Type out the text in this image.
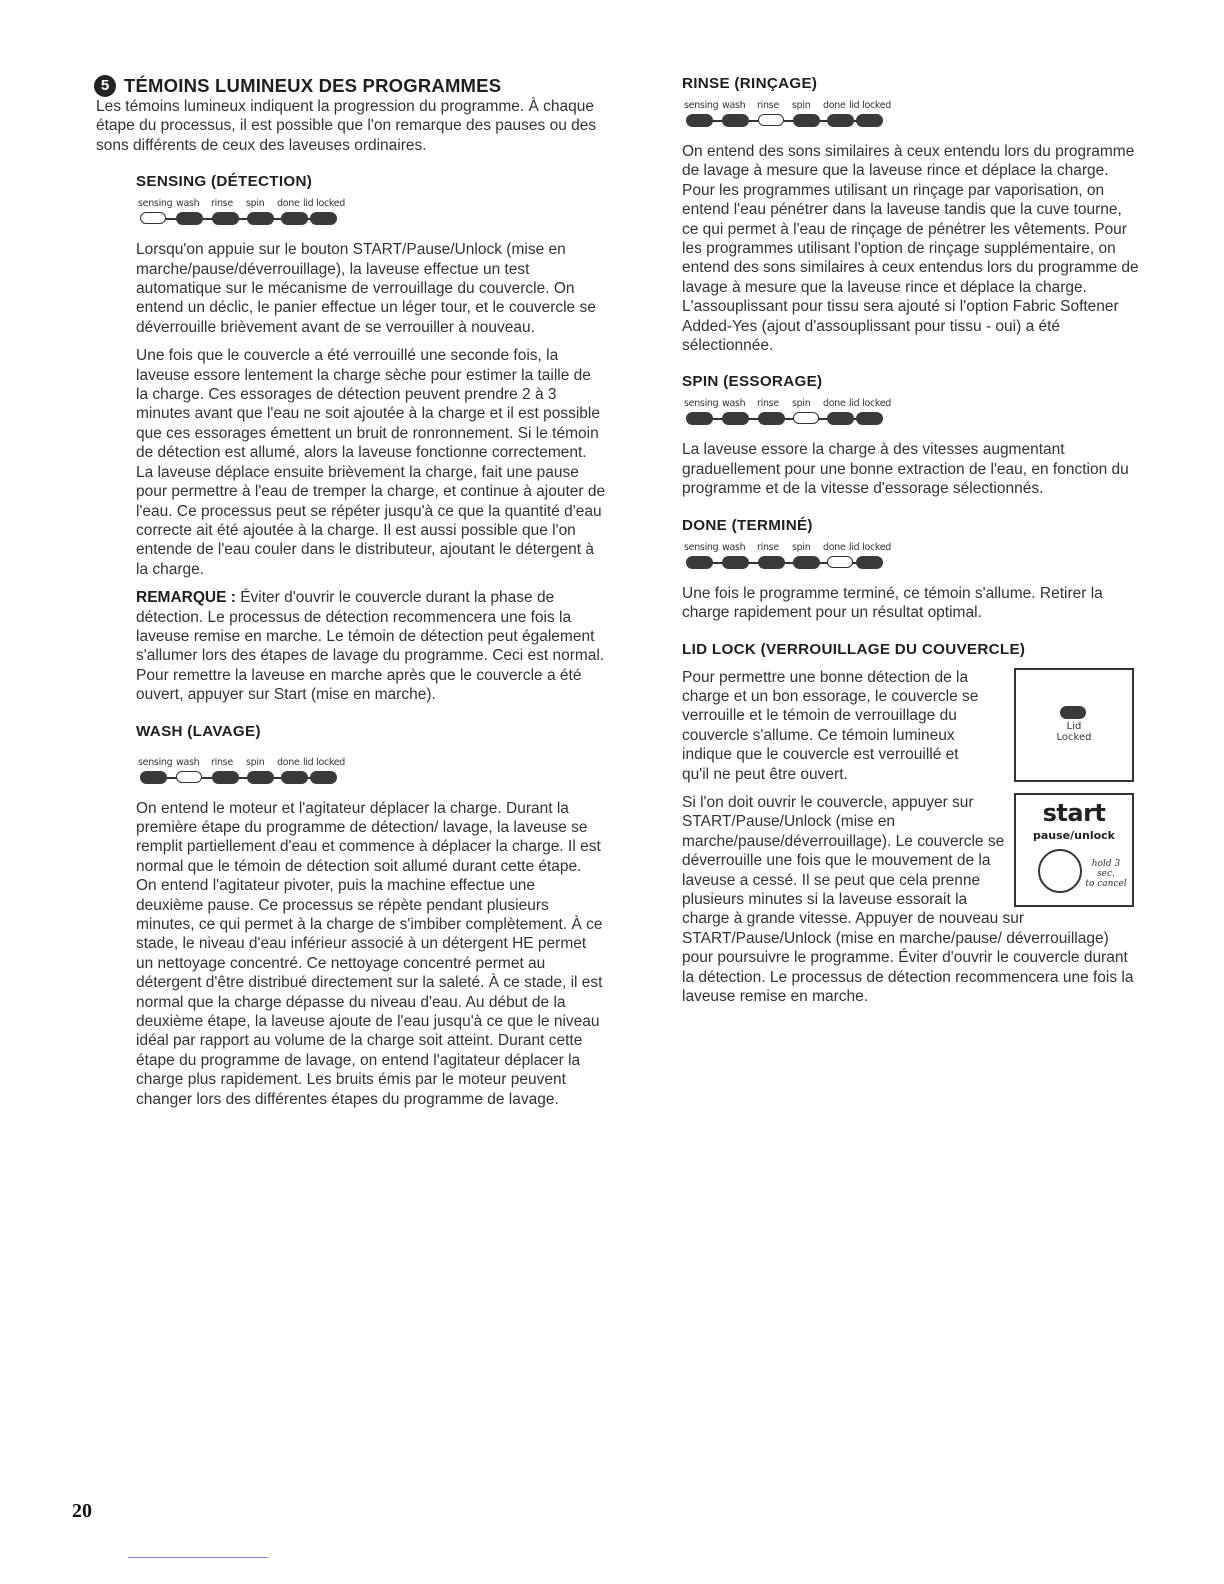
5 TÉMOINS LUMINEUX DES PROGRAMMES

Les témoins lumineux indiquent la progression du programme. À chaque étape du processus, il est possible que l'on remarque des pauses ou des sons différents de ceux des laveuses ordinaires.

SENSING (DÉTECTION)
sensing wash rinse spin done lid locked

Lorsqu'on appuie sur le bouton START/Pause/Unlock (mise en marche/pause/déverrouillage), la laveuse effectue un test automatique sur le mécanisme de verrouillage du couvercle. On entend un déclic, le panier effectue un léger tour, et le couvercle se déverrouille brièvement avant de se verrouiller à nouveau.

Une fois que le couvercle a été verrouillé une seconde fois, la laveuse essore lentement la charge sèche pour estimer la taille de la charge. Ces essorages de détection peuvent prendre 2 à 3 minutes avant que l'eau ne soit ajoutée à la charge et il est possible que ces essorages émettent un bruit de ronronnement. Si le témoin de détection est allumé, alors la laveuse fonctionne correctement. La laveuse déplace ensuite brièvement la charge, fait une pause pour permettre à l'eau de tremper la charge, et continue à ajouter de l'eau. Ce processus peut se répéter jusqu'à ce que la quantité d'eau correcte ait été ajoutée à la charge. Il est aussi possible que l'on entende de l'eau couler dans le distributeur, ajoutant le détergent à la charge.

REMARQUE : Éviter d'ouvrir le couvercle durant la phase de détection. Le processus de détection recommencera une fois la laveuse remise en marche. Le témoin de détection peut également s'allumer lors des étapes de lavage du programme. Ceci est normal. Pour remettre la laveuse en marche après que le couvercle a été ouvert, appuyer sur Start (mise en marche).

WASH (LAVAGE)
sensing wash rinse spin done lid locked

On entend le moteur et l'agitateur déplacer la charge. Durant la première étape du programme de détection/ lavage, la laveuse se remplit partiellement d'eau et commence à déplacer la charge. Il est normal que le témoin de détection soit allumé durant cette étape. On entend l'agitateur pivoter, puis la machine effectue une deuxième pause. Ce processus se répète pendant plusieurs minutes, ce qui permet à la charge de s'imbiber complètement. À ce stade, le niveau d'eau inférieur associé à un détergent HE permet un nettoyage concentré. Ce nettoyage concentré permet au détergent d'être distribué directement sur la saleté. À ce stade, il est normal que la charge dépasse du niveau d'eau. Au début de la deuxième étape, la laveuse ajoute de l'eau jusqu'à ce que le niveau idéal par rapport au volume de la charge soit atteint. Durant cette étape du programme de lavage, on entend l'agitateur déplacer la charge plus rapidement. Les bruits émis par le moteur peuvent changer lors des différentes étapes du programme de lavage.

RINSE (RINÇAGE)
sensing wash rinse spin done lid locked

On entend des sons similaires à ceux entendu lors du programme de lavage à mesure que la laveuse rince et déplace la charge. Pour les programmes utilisant un rinçage par vaporisation, on entend l'eau pénétrer dans la laveuse tandis que la cuve tourne, ce qui permet à l'eau de rinçage de pénétrer les vêtements. Pour les programmes utilisant l'option de rinçage supplémentaire, on entend des sons similaires à ceux entendus lors du programme de lavage à mesure que la laveuse rince et déplace la charge. L'assouplissant pour tissu sera ajouté si l'option Fabric Softener Added-Yes (ajout d'assouplissant pour tissu - oui) a été sélectionnée.

SPIN (ESSORAGE)
sensing wash rinse spin done lid locked

La laveuse essore la charge à des vitesses augmentant graduellement pour une bonne extraction de l'eau, en fonction du programme et de la vitesse d'essorage sélectionnés.

DONE (TERMINÉ)
sensing wash rinse spin done lid locked

Une fois le programme terminé, ce témoin s'allume. Retirer la charge rapidement pour un résultat optimal.

LID LOCK (VERROUILLAGE DU COUVERCLE)
Lid
Locked

Pour permettre une bonne détection de la charge et un bon essorage, le couvercle se verrouille et le témoin de verrouillage du couvercle s'allume. Ce témoin lumineux indique que le couvercle est verrouillé et qu'il ne peut être ouvert.

start
pause/unlock
hold 3 sec.
to cancel

Si l'on doit ouvrir le couvercle, appuyer sur START/Pause/Unlock (mise en marche/pause/déverrouillage). Le couvercle se déverrouille une fois que le mouvement de la laveuse a cessé. Il se peut que cela prenne plusieurs minutes si la laveuse essorait la charge à grande vitesse. Appuyer de nouveau sur START/Pause/Unlock (mise en marche/pause/ déverrouillage) pour poursuivre le programme. Éviter d'ouvrir le couvercle durant la détection. Le processus de détection recommencera une fois la laveuse remise en marche.

20
